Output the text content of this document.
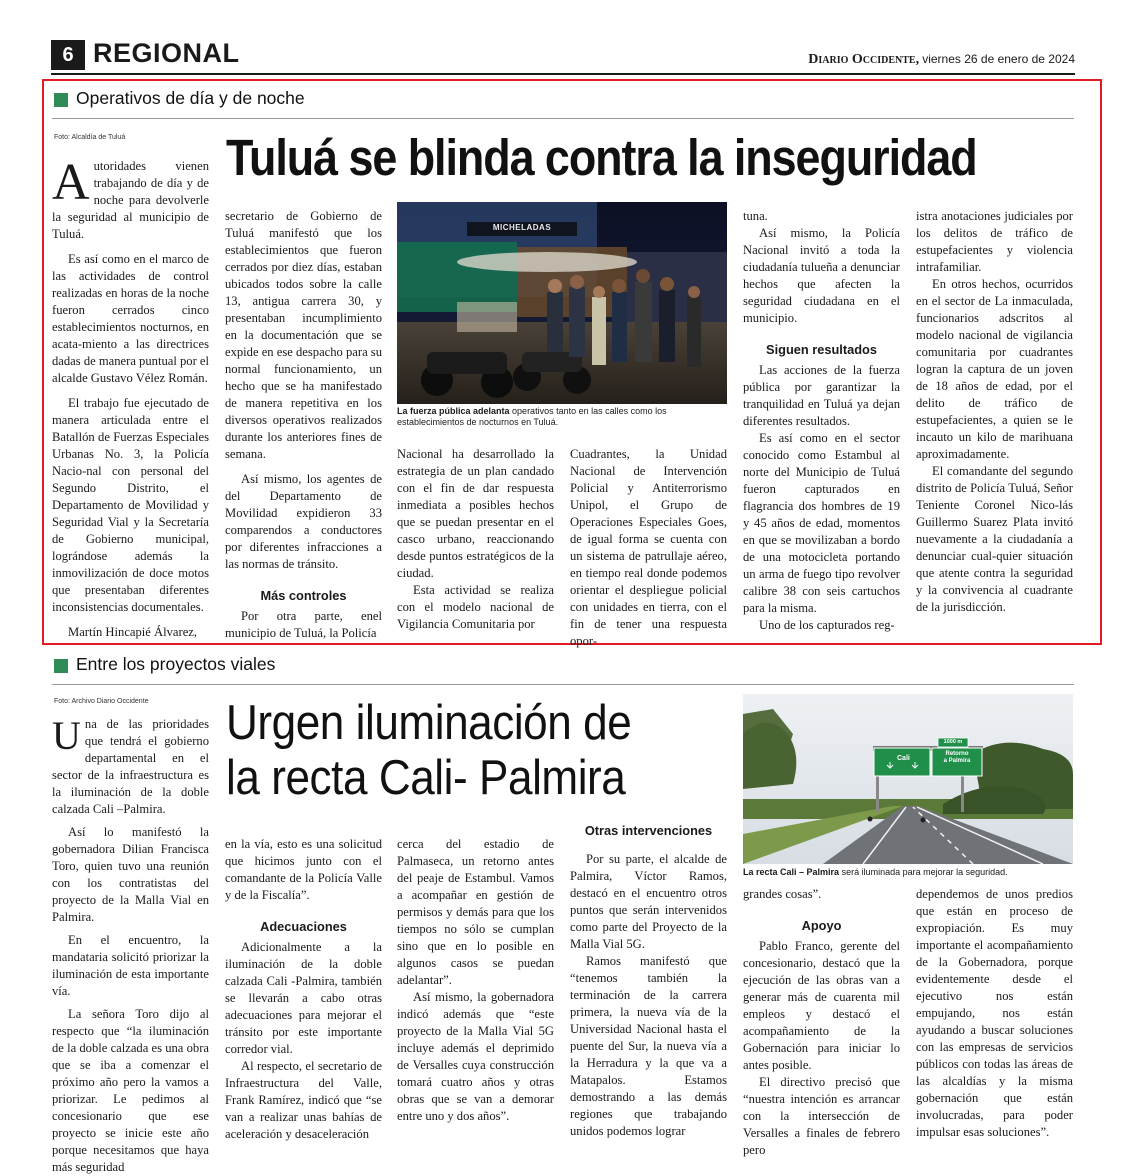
6 REGIONAL	Diario Occidente, viernes 26 de enero de 2024
Operativos de día y de noche
Foto: Alcaldía de Tuluá Tuluá se blinda contra la inseguridad

Autoridades vienen trabajando de día y de noche para devolverle la seguridad al municipio de Tuluá.

Es así como en el marco de las actividades de control realizadas en horas de la noche fueron cerrados cinco establecimientos nocturnos, en acata-miento a las directrices dadas de manera puntual por el alcalde Gustavo Vélez Román.

El trabajo fue ejecutado de manera articulada entre el Batallón de Fuerzas Especiales Urbanas No. 3, la Policía Nacio-nal con personal del Segundo Distrito, el Departamento de Movilidad y Seguridad Vial y la Secretaría de Gobierno municipal, lográndose además la inmovilización de doce motos que presentaban diferentes inconsistencias documentales.

Martín Hincapié Álvarez,

secretario de Gobierno de Tuluá manifestó que los establecimientos que fueron cerrados por diez días, estaban ubicados todos sobre la calle 13, antigua carrera 30, y presentaban incumplimiento en la documentación que se expide en ese despacho para su normal funcionamiento, un hecho que se ha manifestado de manera repetitiva en los diversos operativos realizados durante los anteriores fines de semana.

Así mismo, los agentes de del Departamento de Movilidad expidieron 33 comparendos a conductores por diferentes infracciones a las normas de tránsito.

Más controles

Por otra parte, enel municipio de Tuluá, la Policía

MICHELADAS
La fuerza pública adelanta operativos tanto en las calles como los establecimientos de nocturnos en Tuluá.

Nacional ha desarrollado la estrategia de un plan candado con el fin de dar respuesta inmediata a posibles hechos que se puedan presentar en el casco urbano, reaccionando desde puntos estratégicos de la ciudad.

Esta actividad se realiza con el modelo nacional de Vigilancia Comunitaria por

Cuadrantes, la Unidad Nacional de Intervención Policial y Antiterrorismo Unipol, el Grupo de Operaciones Especiales Goes, de igual forma se cuenta con un sistema de patrullaje aéreo, en tiempo real donde podemos orientar el despliegue policial con unidades en tierra, con el fin de tener una respuesta opor-

tuna.

Así mismo, la Policía Nacional invitó a toda la ciudadanía tulueña a denunciar hechos que afecten la seguridad ciudadana en el municipio.

Siguen resultados

Las acciones de la fuerza pública por garantizar la tranquilidad en Tuluá ya dejan diferentes resultados.

Es así como en el sector conocido como Estambul al norte del Municipio de Tuluá fueron capturados en flagrancia dos hombres de 19 y 45 años de edad, momentos en que se movilizaban a bordo de una motocicleta portando un arma de fuego tipo revolver calibre 38 con seis cartuchos para la misma.

Uno de los capturados reg-

istra anotaciones judiciales por los delitos de tráfico de estupefacientes y violencia intrafamiliar.

En otros hechos, ocurridos en el sector de La inmaculada, funcionarios adscritos al modelo nacional de vigilancia comunitaria por cuadrantes logran la captura de un joven de 18 años de edad, por el delito de tráfico de estupefacientes, a quien se le incauto un kilo de marihuana aproximadamente.

El comandante del segundo distrito de Policía Tuluá, Señor Teniente Coronel Nico-lás Guillermo Suarez Plata invitó nuevamente a la ciudadanía a denunciar cual-quier situación que atente contra la seguridad y la convivencia al cuadrante de la jurisdicción.

Entre los proyectos viales
Foto: Archivo Diario Occidente Urgen iluminación de
la recta Cali- Palmira	Cali
Retorno
a Palmira
1000 m
La recta Cali – Palmira será iluminada para mejorar la seguridad.

Una de las prioridades que tendrá el gobierno departamental en el sector de la infraestructura es la iluminación de la doble calzada Cali –Palmira.

Así lo manifestó la gobernadora Dilian Francisca Toro, quien tuvo una reunión con los contratistas del proyecto de la Malla Vial en Palmira.

En el encuentro, la mandataria solicitó priorizar la iluminación de esta importante vía.

La señora Toro dijo al respecto que “la iluminación de la doble calzada es una obra que se iba a comenzar el próximo año pero la vamos a priorizar. Le pedimos al concesionario que ese proyecto se inicie este año porque necesitamos que haya más seguridad

en la vía, esto es una solicitud que hicimos junto con el comandante de la Policía Valle y de la Fiscalía”.

Adecuaciones

Adicionalmente a la iluminación de la doble calzada Cali -Palmira, también se llevarán a cabo otras adecuaciones para mejorar el tránsito por este importante corredor vial.

Al respecto, el secretario de Infraestructura del Valle, Frank Ramírez, indicó que “se van a realizar unas bahías de aceleración y desaceleración

cerca del estadio de Palmaseca, un retorno antes del peaje de Estambul. Vamos a acompañar en gestión de permisos y demás para que los tiempos no sólo se cumplan sino que en lo posible en algunos casos se puedan adelantar”.

Así mismo, la gobernadora indicó además que “este proyecto de la Malla Vial 5G incluye además el deprimido de Versalles cuya construcción tomará cuatro años y otras obras que se van a demorar entre uno y dos años”.

Otras intervenciones

Por su parte, el alcalde de Palmira, Víctor Ramos, destacó en el encuentro otros puntos que serán intervenidos como parte del Proyecto de la Malla Vial 5G.

Ramos manifestó que “tenemos también la terminación de la carrera primera, la nueva vía de la Universidad Nacional hasta el puente del Sur, la nueva vía a la Herradura y la que va a Matapalos. Estamos demostrando a las demás regiones que trabajando unidos podemos lograr

grandes cosas”.

Apoyo

Pablo Franco, gerente del concesionario, destacó que la ejecución de las obras van a generar más de cuarenta mil empleos y destacó el acompañamiento de la Gobernación para iniciar lo antes posible.

El directivo precisó que “nuestra intención es arrancar con la intersección de Versalles a finales de febrero pero

dependemos de unos predios que están en proceso de expropiación. Es muy importante el acompañamiento de la Gobernadora, porque evidentemente desde el ejecutivo nos están empujando, nos están ayudando a buscar soluciones con las empresas de servicios públicos con todas las áreas de las alcaldías y la misma gobernación que están involucradas, para poder impulsar esas soluciones”.
